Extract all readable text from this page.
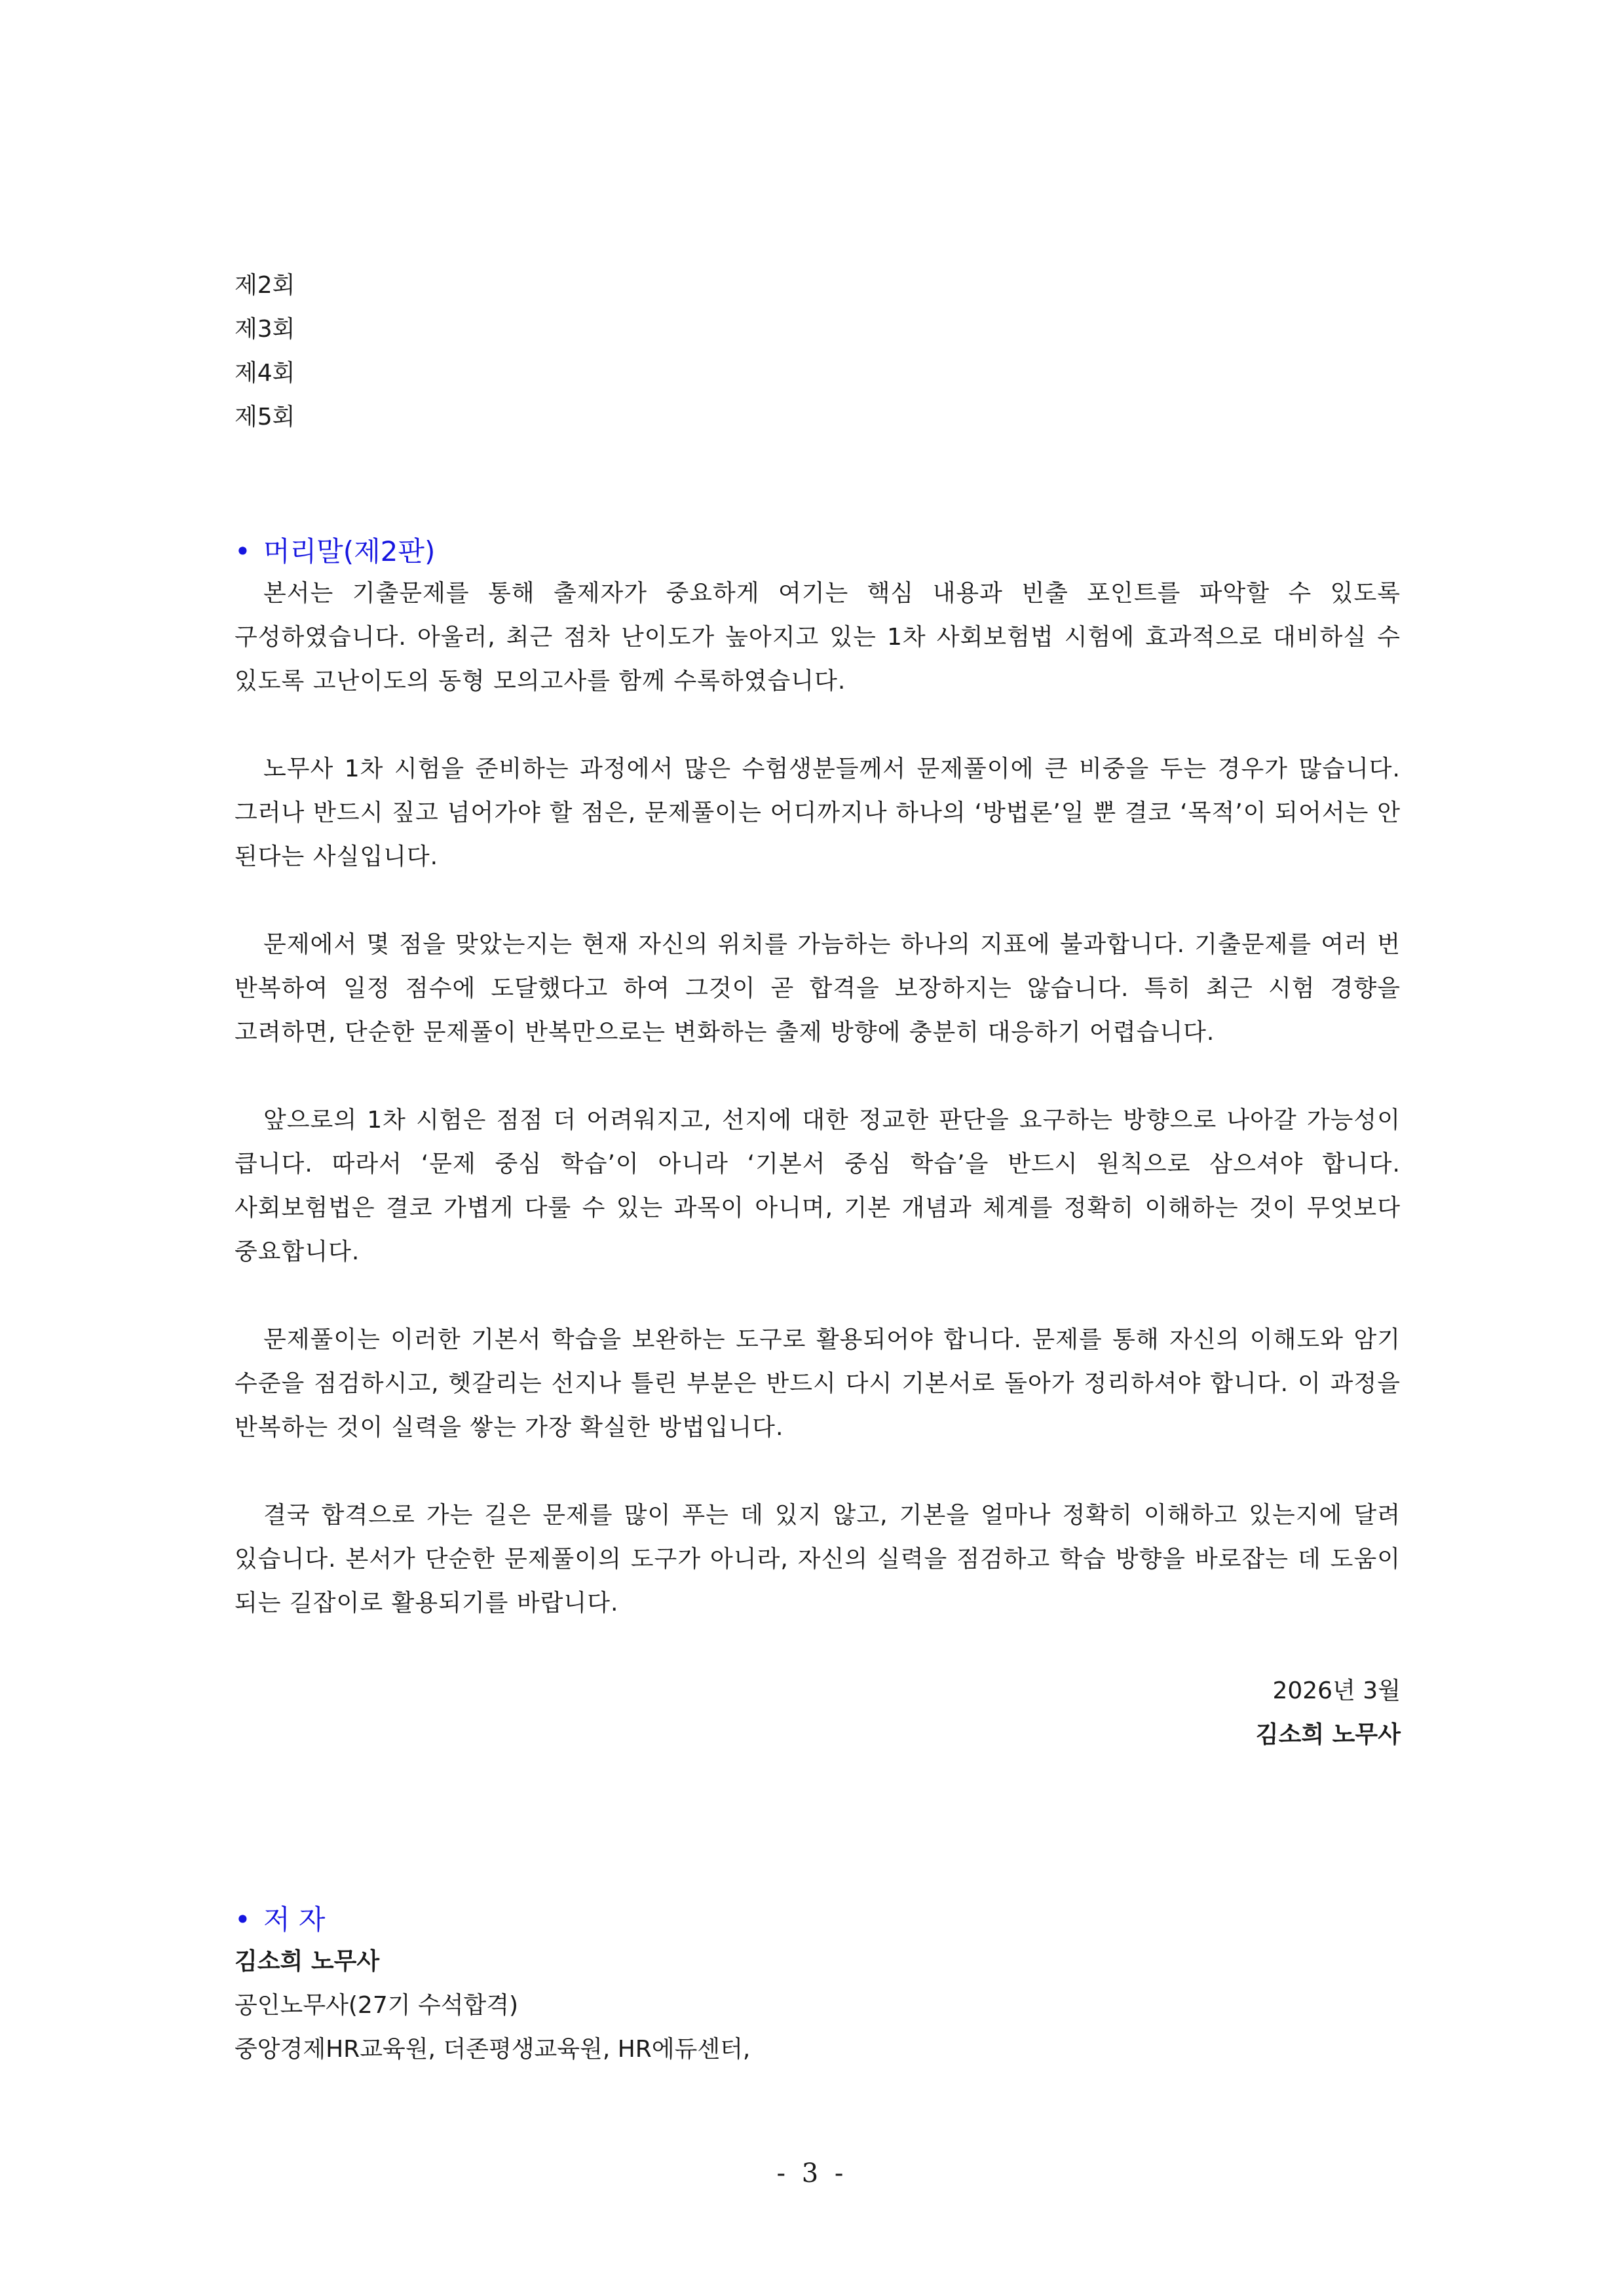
제2회
제3회
제4회
제5회
• 머리말(제2판)

본서는 기출문제를 통해 출제자가 중요하게 여기는 핵심 내용과 빈출 포인트를 파악할 수 있도록 구성하였습니다. 아울러, 최근 점차 난이도가 높아지고 있는 1차 사회보험법 시험에 효과적으로 대비하실 수 있도록 고난이도의 동형 모의고사를 함께 수록하였습니다.

노무사 1차 시험을 준비하는 과정에서 많은 수험생분들께서 문제풀이에 큰 비중을 두는 경우가 많습니다. 그러나 반드시 짚고 넘어가야 할 점은, 문제풀이는 어디까지나 하나의 ‘방법론’일 뿐 결코 ‘목적’이 되어서는 안 된다는 사실입니다.

문제에서 몇 점을 맞았는지는 현재 자신의 위치를 가늠하는 하나의 지표에 불과합니다. 기출문제를 여러 번 반복하여 일정 점수에 도달했다고 하여 그것이 곧 합격을 보장하지는 않습니다. 특히 최근 시험 경향을 고려하면, 단순한 문제풀이 반복만으로는 변화하는 출제 방향에 충분히 대응하기 어렵습니다.

앞으로의 1차 시험은 점점 더 어려워지고, 선지에 대한 정교한 판단을 요구하는 방향으로 나아갈 가능성이 큽니다. 따라서 ‘문제 중심 학습’이 아니라 ‘기본서 중심 학습’을 반드시 원칙으로 삼으셔야 합니다. 사회보험법은 결코 가볍게 다룰 수 있는 과목이 아니며, 기본 개념과 체계를 정확히 이해하는 것이 무엇보다 중요합니다.

문제풀이는 이러한 기본서 학습을 보완하는 도구로 활용되어야 합니다. 문제를 통해 자신의 이해도와 암기 수준을 점검하시고, 헷갈리는 선지나 틀린 부분은 반드시 다시 기본서로 돌아가 정리하셔야 합니다. 이 과정을 반복하는 것이 실력을 쌓는 가장 확실한 방법입니다.

결국 합격으로 가는 길은 문제를 많이 푸는 데 있지 않고, 기본을 얼마나 정확히 이해하고 있는지에 달려 있습니다. 본서가 단순한 문제풀이의 도구가 아니라, 자신의 실력을 점검하고 학습 방향을 바로잡는 데 도움이 되는 길잡이로 활용되기를 바랍니다.

2026년 3월
김소희 노무사
• 저 자
김소희 노무사
공인노무사(27기 수석합격)
중앙경제HR교육원, 더존평생교육원, HR에듀센터,
- 3 -
